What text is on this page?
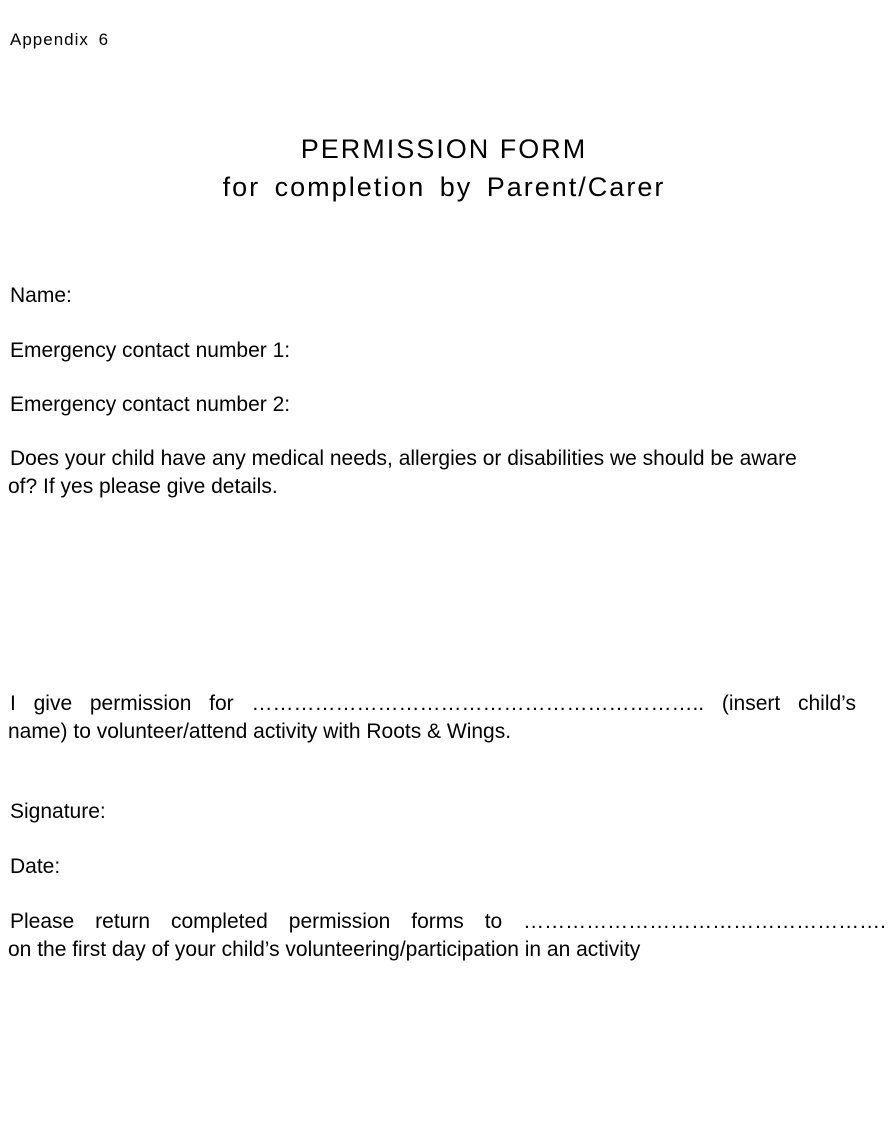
Appendix 6
PERMISSION FORM
for completion by Parent/Carer
Name:
Emergency contact number 1:
Emergency contact number 2:
Does your child have any medical needs, allergies or disabilities we should be aware
of? If yes please give details.
I give permission for ……………………………………………………….. (insert child’s
name) to volunteer/attend activity with Roots & Wings.
Signature:
Date:
Please return completed permission forms to …………………………………………….
on the first day of your child’s volunteering/participation in an activity
